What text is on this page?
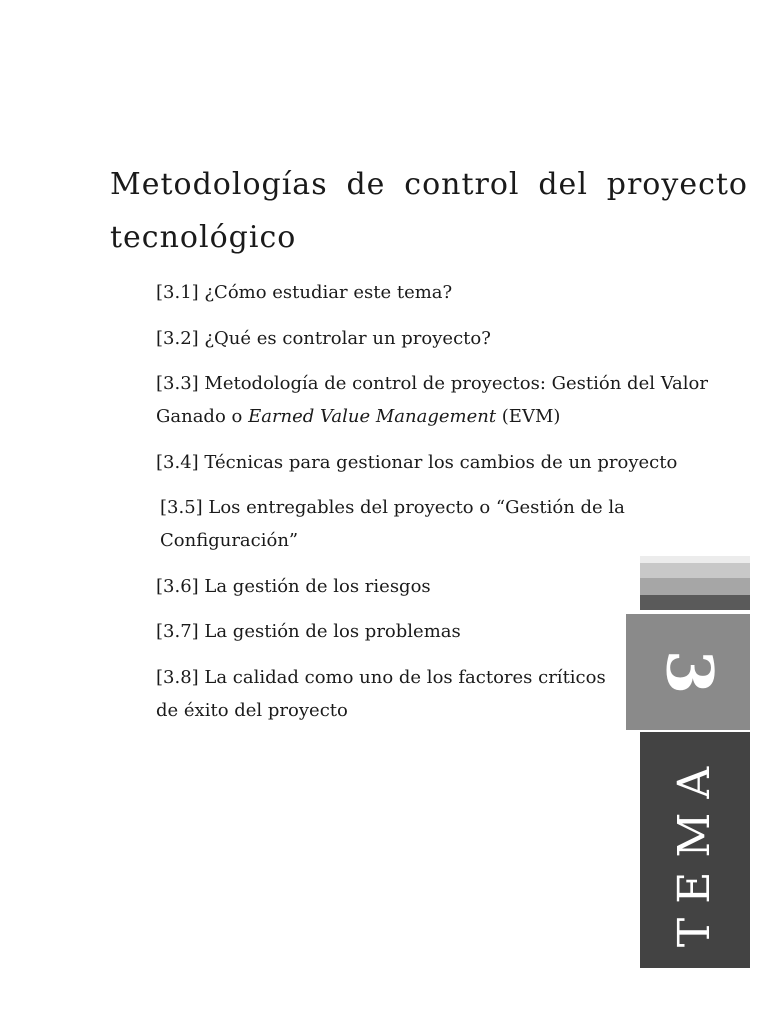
Metodologías de control del proyecto tecnológico
[3.1] ¿Cómo estudiar este tema?
[3.2] ¿Qué es controlar un proyecto?
[3.3] Metodología de control de proyectos: Gestión del Valor Ganado o Earned Value Management (EVM)
[3.4] Técnicas para gestionar los cambios de un proyecto
[3.5] Los entregables del proyecto o “Gestión de la Configuración”
[3.6] La gestión de los riesgos
[3.7] La gestión de los problemas
[3.8] La calidad como uno de los factores críticos de éxito del proyecto
3
TEMA
